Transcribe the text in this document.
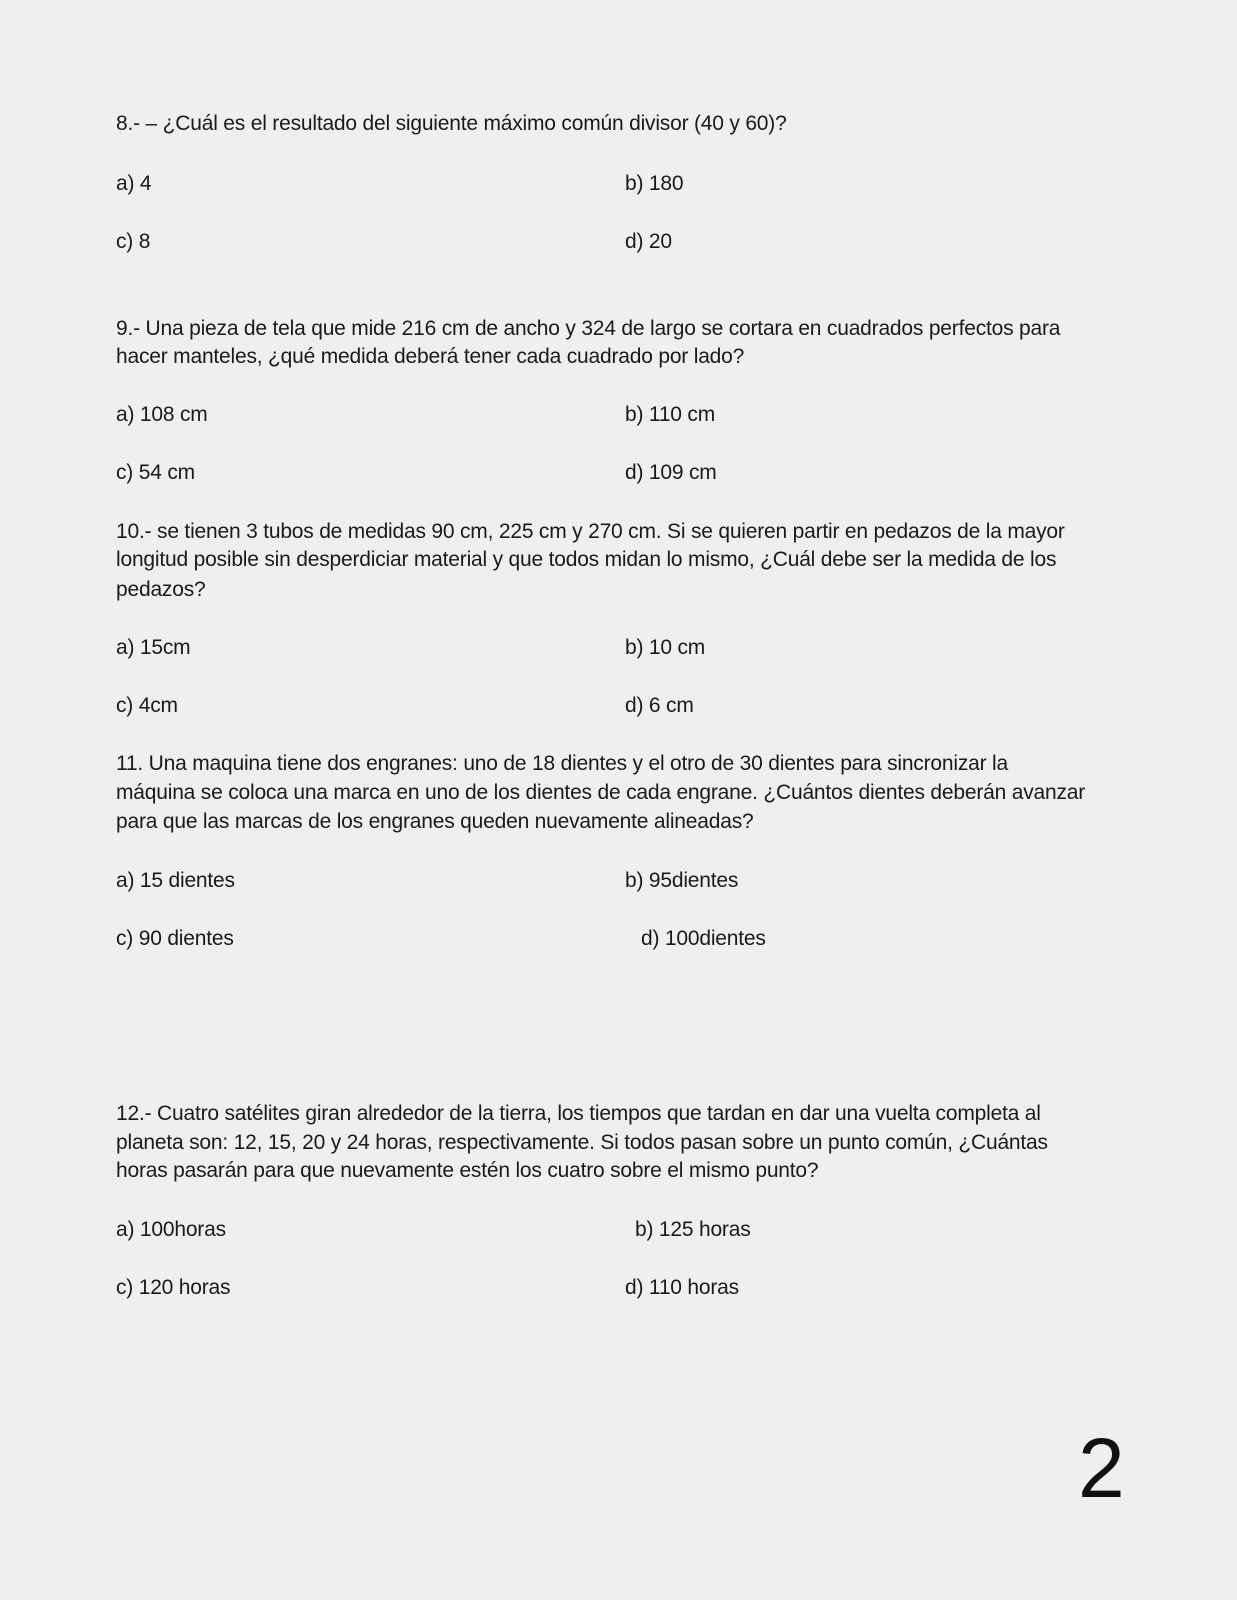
8.- – ¿Cuál es el resultado del siguiente máximo común divisor (40 y 60)?
a) 4	b) 180
c) 8	d) 20
9.- Una pieza de tela que mide 216 cm de ancho y 324 de largo se cortara en cuadrados perfectos para
hacer manteles, ¿qué medida deberá tener cada cuadrado por lado?
a) 108 cm	b) 110 cm
c) 54 cm	d) 109 cm
10.- se tienen 3 tubos de medidas 90 cm, 225 cm y 270 cm. Si se quieren partir en pedazos de la mayor
longitud posible sin desperdiciar material y que todos midan lo mismo, ¿Cuál debe ser la medida de los
pedazos?
a) 15cm	b) 10 cm
c) 4cm	d) 6 cm
11. Una maquina tiene dos engranes: uno de 18 dientes y el otro de 30 dientes para sincronizar la
máquina se coloca una marca en uno de los dientes de cada engrane. ¿Cuántos dientes deberán avanzar
para que las marcas de los engranes queden nuevamente alineadas?
a) 15 dientes	b) 95dientes
c) 90 dientes	d) 100dientes
12.- Cuatro satélites giran alrededor de la tierra, los tiempos que tardan en dar una vuelta completa al
planeta son: 12, 15, 20 y 24 horas, respectivamente. Si todos pasan sobre un punto común, ¿Cuántas
horas pasarán para que nuevamente estén los cuatro sobre el mismo punto?
a) 100horas	b) 125 horas
c) 120 horas	d) 110 horas
2
